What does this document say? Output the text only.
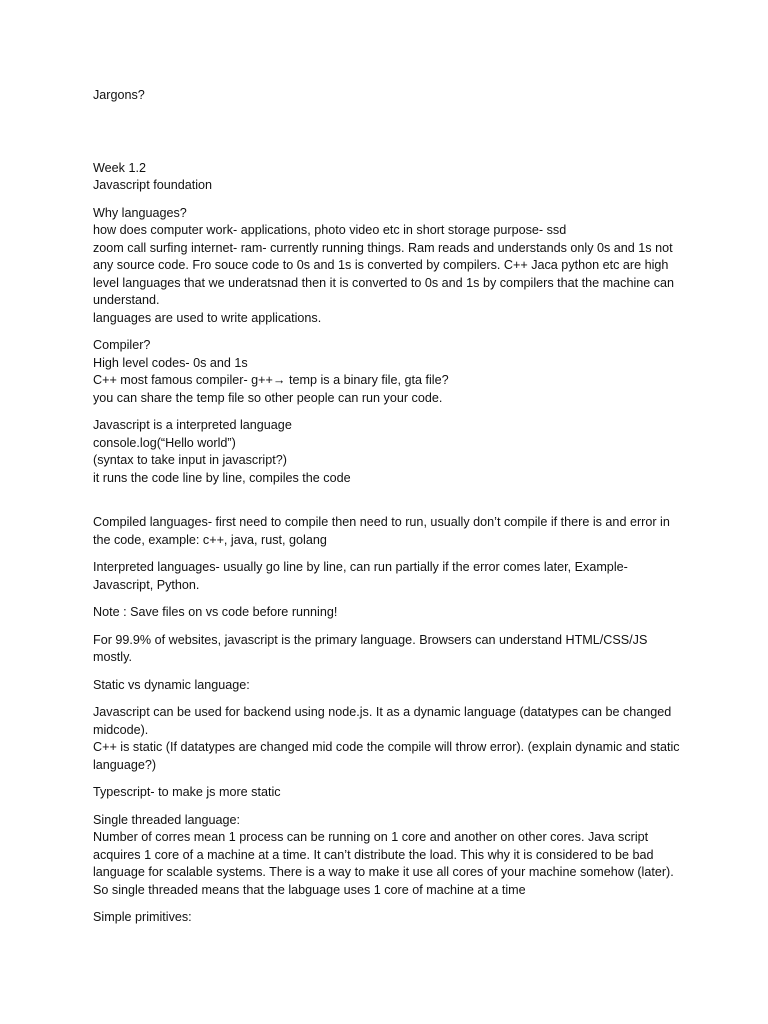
Jargons?
Week 1.2
Javascript foundation
Why languages?
how does computer work- applications, photo video etc in short storage purpose- ssd
zoom call surfing internet- ram- currently running things. Ram reads and understands only 0s and 1s not any source code. Fro souce code to 0s and 1s is converted by compilers. C++ Jaca python etc are high level languages that we underatsnad then it is converted to 0s and 1s by compilers that the machine can understand.
languages are used to write applications.
Compiler?
High level codes- 0s and 1s
C++ most famous compiler- g++→ temp is a binary file, gta file?
you can share the temp file so other people can run your code.
Javascript is a interpreted language
console.log(“Hello world”)
(syntax to take input in javascript?)
it runs the code line by line, compiles the code
Compiled languages- first need to compile then need to run, usually don’t compile if there is and error in the code, example: c++, java, rust, golang
Interpreted languages- usually go line by line, can run partially if the error comes later, Example- Javascript, Python.
Note : Save files on vs code before running!
For 99.9% of websites, javascript is the primary language. Browsers can understand HTML/CSS/JS mostly.
Static vs dynamic language:
Javascript can be used for backend using node.js. It as a dynamic language (datatypes can be changed midcode).
C++ is static (If datatypes are changed mid code the compile will throw error). (explain dynamic and static language?)
Typescript- to make js more static
Single threaded language:
Number of corres mean 1 process can be running on 1 core and another on other cores. Java script acquires 1 core of a machine at a time. It can’t distribute the load. This why it is considered to be bad language for scalable systems. There is a way to make it use all cores of your machine somehow (later). So single threaded means that the labguage uses 1 core of machine at a time
Simple primitives:
